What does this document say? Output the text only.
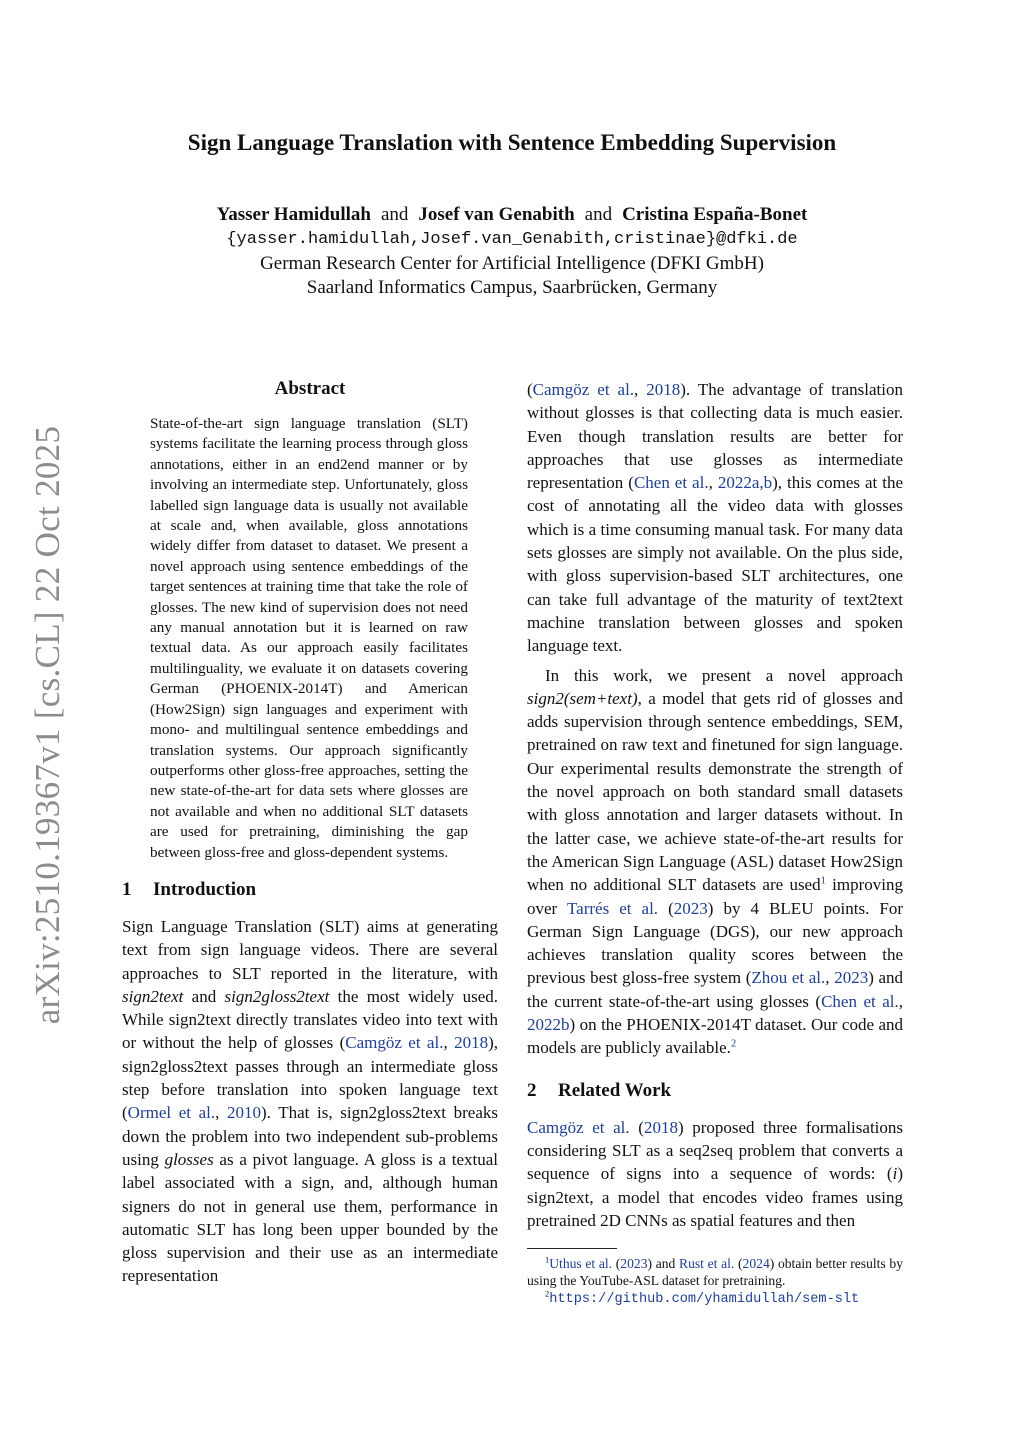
arXiv:2510.19367v1 [cs.CL] 22 Oct 2025
Sign Language Translation with Sentence Embedding Supervision
Yasser Hamidullah and Josef van Genabith and Cristina España-Bonet
{yasser.hamidullah,Josef.van_Genabith,cristinae}@dfki.de
German Research Center for Artificial Intelligence (DFKI GmbH)
Saarland Informatics Campus, Saarbrücken, Germany
Abstract

State-of-the-art sign language translation (SLT) systems facilitate the learning process through gloss annotations, either in an end2end manner or by involving an intermediate step. Unfortunately, gloss labelled sign language data is usually not available at scale and, when available, gloss annotations widely differ from dataset to dataset. We present a novel approach using sentence embeddings of the target sentences at training time that take the role of glosses. The new kind of supervision does not need any manual annotation but it is learned on raw textual data. As our approach easily facilitates multilinguality, we evaluate it on datasets covering German (PHOENIX-2014T) and American (How2Sign) sign languages and experiment with mono- and multilingual sentence embeddings and translation systems. Our approach significantly outperforms other gloss-free approaches, setting the new state-of-the-art for data sets where glosses are not available and when no additional SLT datasets are used for pretraining, diminishing the gap between gloss-free and gloss-dependent systems.

1 Introduction

Sign Language Translation (SLT) aims at generating text from sign language videos. There are several approaches to SLT reported in the literature, with sign2text and sign2gloss2text the most widely used. While sign2text directly translates video into text with or without the help of glosses (Camgöz et al., 2018), sign2gloss2text passes through an intermediate gloss step before translation into spoken language text (Ormel et al., 2010). That is, sign2gloss2text breaks down the problem into two independent sub-problems using glosses as a pivot language. A gloss is a textual label associated with a sign, and, although human signers do not in general use them, performance in automatic SLT has long been upper bounded by the gloss supervision and their use as an intermediate representation

(Camgöz et al., 2018). The advantage of translation without glosses is that collecting data is much easier. Even though translation results are better for approaches that use glosses as intermediate representation (Chen et al., 2022a,b), this comes at the cost of annotating all the video data with glosses which is a time consuming manual task. For many data sets glosses are simply not available. On the plus side, with gloss supervision-based SLT architectures, one can take full advantage of the maturity of text2text machine translation between glosses and spoken language text.

In this work, we present a novel approach sign2(sem+text), a model that gets rid of glosses and adds supervision through sentence embeddings, SEM, pretrained on raw text and finetuned for sign language. Our experimental results demonstrate the strength of the novel approach on both standard small datasets with gloss annotation and larger datasets without. In the latter case, we achieve state-of-the-art results for the American Sign Language (ASL) dataset How2Sign when no additional SLT datasets are used$^1$ improving over Tarrés et al. (2023) by 4 BLEU points. For German Sign Language (DGS), our new approach achieves translation quality scores between the previous best gloss-free system (Zhou et al., 2023) and the current state-of-the-art using glosses (Chen et al., 2022b) on the PHOENIX-2014T dataset. Our code and models are publicly available.$^2$

2 Related Work

Camgöz et al. (2018) proposed three formalisations considering SLT as a seq2seq problem that converts a sequence of signs into a sequence of words: (i) sign2text, a model that encodes video frames using pretrained 2D CNNs as spatial features and then

$^1$Uthus et al. (2023) and Rust et al. (2024) obtain better results by using the YouTube-ASL dataset for pretraining.

$^2$https://github.com/yhamidullah/sem-slt
